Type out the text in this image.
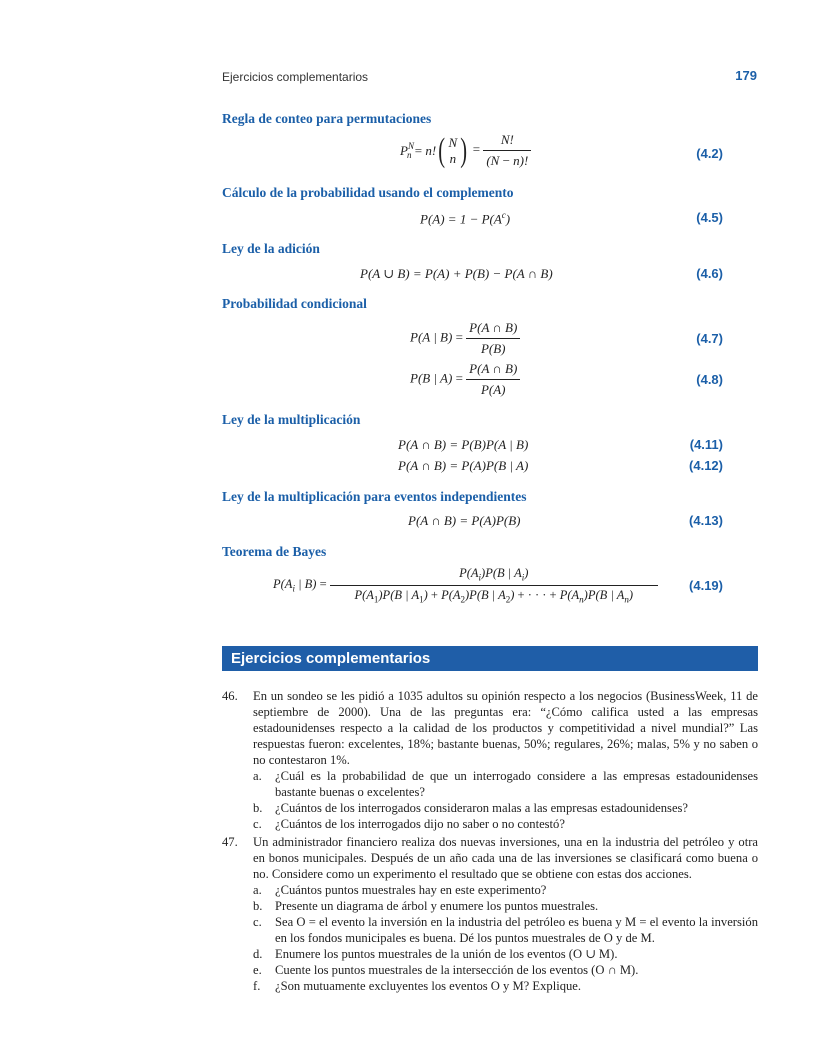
Ejercicios complementarios	179
Regla de conteo para permutaciones
$P^N_n = n$!( N
n ) = $\frac{N!}{(N - n)!}$	(4.2)
Cálculo de la probabilidad usando el complemento
$P(A) = 1 - P(A^c)$	(4.5)
Ley de la adición
P(A ∪ B) = P(A) + P(B) − P(A ∩ B)	(4.6)
Probabilidad condicional
P(A | $B) = \frac{P(A \cap B)}{P(B)}$	(4.7)
P(B | $A) = \frac{P(A \cap B)}{P(A)}$	(4.8)
Ley de la multiplicación
P(A ∩ B) = P(B)P(A | B)	(4.11)
P(A ∩ B) = P(A)P(B | A)	(4.12)
Ley de la multiplicación para eventos independientes
P(A ∩ B) = P(A)P(B)	(4.13)
Teorema de Bayes
$P(A_i$ | $B) = \frac{P(A_i)P(B | A_i)}{P(A_1)P(B | A_1) + P(A_2)P(B | A_2) + \cdot \cdot \cdot + P(A_n)P(B | A_n)}$	(4.19)
Ejercicios complementarios
46. En un sondeo se les pidió a 1035 adultos su opinión respecto a los negocios (BusinessWeek, 11 de septiembre de 2000). Una de las preguntas era: “¿Cómo califica usted a las empresas estadounidenses respecto a la calidad de los productos y competitividad a nivel mundial?” Las respuestas fueron: excelentes, 18%; bastante buenas, 50%; regulares, 26%; malas, 5% y no saben o no contestaron 1%.
a. ¿Cuál es la probabilidad de que un interrogado considere a las empresas estadounidenses bastante buenas o excelentes?
b. ¿Cuántos de los interrogados consideraron malas a las empresas estadounidenses?
c. ¿Cuántos de los interrogados dijo no saber o no contestó?
47. Un administrador financiero realiza dos nuevas inversiones, una en la industria del petróleo y otra en bonos municipales. Después de un año cada una de las inversiones se clasificará como buena o no. Considere como un experimento el resultado que se obtiene con estas dos acciones.
a. ¿Cuántos puntos muestrales hay en este experimento?
b. Presente un diagrama de árbol y enumere los puntos muestrales.
c. Sea O = el evento la inversión en la industria del petróleo es buena y M = el evento la inversión en los fondos municipales es buena. Dé los puntos muestrales de O y de M.
d. Enumere los puntos muestrales de la unión de los eventos (O ∪ M).
e. Cuente los puntos muestrales de la intersección de los eventos (O ∩ M).
f. ¿Son mutuamente excluyentes los eventos O y M? Explique.
